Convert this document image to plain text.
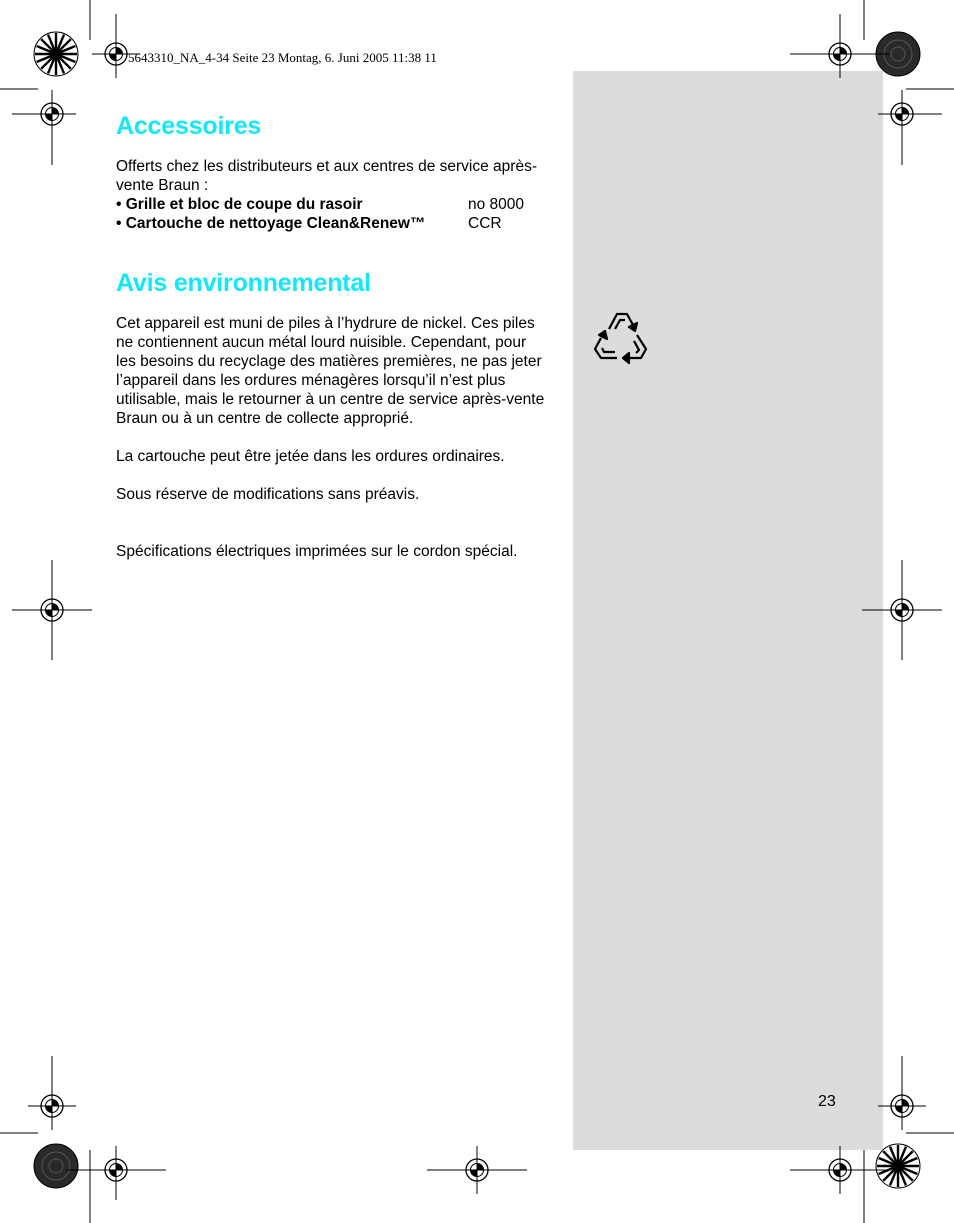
5643310_NA_4-34 Seite 23 Montag, 6. Juni 2005 11:38 11
Accessoires

Offerts chez les distributeurs et aux centres de service après-vente Braun :

• Grille et bloc de coupe du rasoir	no 8000
• Cartouche de nettoyage Clean&Renew™	CCR
Avis environnemental

Cet appareil est muni de piles à l’hydrure de nickel. Ces piles ne contiennent aucun métal lourd nuisible. Cependant, pour les besoins du recyclage des matières premières, ne pas jeter l’appareil dans les ordures ménagères lorsqu’il n’est plus utilisable, mais le retourner à un centre de service après-vente Braun ou à un centre de collecte approprié.

La cartouche peut être jetée dans les ordures ordinaires.

Sous réserve de modifications sans préavis.

Spécifications électriques imprimées sur le cordon spécial.

23
